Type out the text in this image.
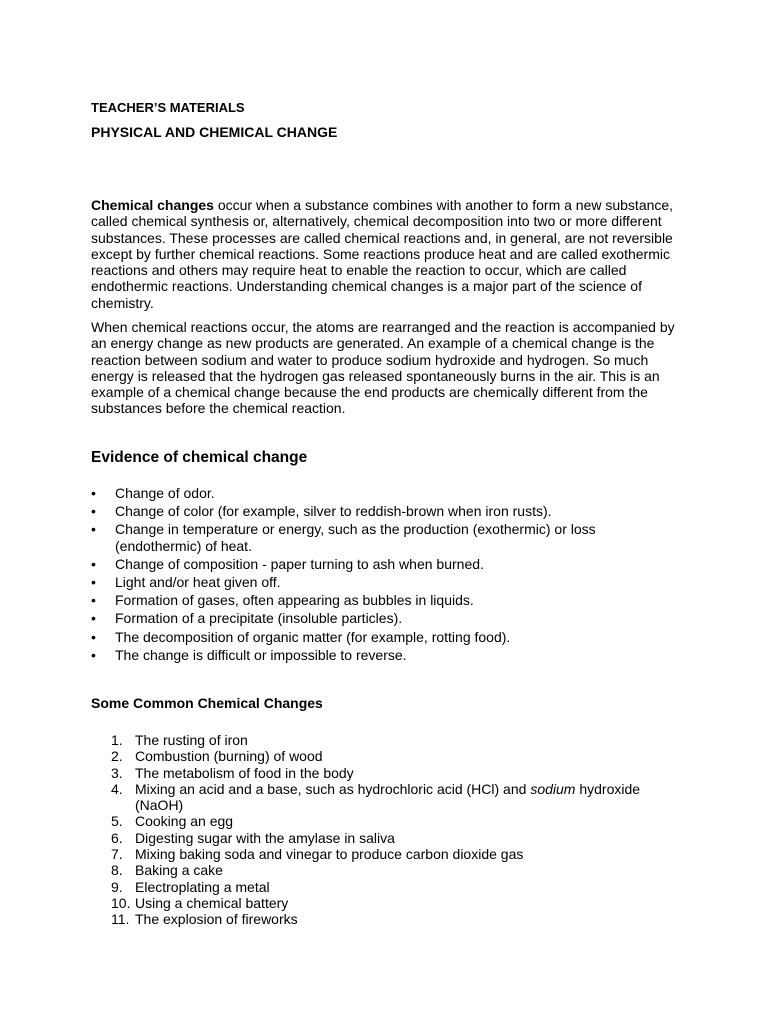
TEACHER’S MATERIALS

PHYSICAL AND CHEMICAL CHANGE

Chemical changes occur when a substance combines with another to form a new substance, called chemical synthesis or, alternatively, chemical decomposition into two or more different substances. These processes are called chemical reactions and, in general, are not reversible except by further chemical reactions. Some reactions produce heat and are called exothermic reactions and others may require heat to enable the reaction to occur, which are called endothermic reactions. Understanding chemical changes is a major part of the science of chemistry.

When chemical reactions occur, the atoms are rearranged and the reaction is accompanied by an energy change as new products are generated. An example of a chemical change is the reaction between sodium and water to produce sodium hydroxide and hydrogen. So much energy is released that the hydrogen gas released spontaneously burns in the air. This is an example of a chemical change because the end products are chemically different from the substances before the chemical reaction.

Evidence of chemical change
• Change of odor.
• Change of color (for example, silver to reddish-brown when iron rusts).
• Change in temperature or energy, such as the production (exothermic) or loss (endothermic) of heat.
• Change of composition - paper turning to ash when burned.
• Light and/or heat given off.
• Formation of gases, often appearing as bubbles in liquids.
• Formation of a precipitate (insoluble particles).
• The decomposition of organic matter (for example, rotting food).
• The change is difficult or impossible to reverse.
Some Common Chemical Changes
1. The rusting of iron
2. Combustion (burning) of wood
3. The metabolism of food in the body
4. Mixing an acid and a base, such as hydrochloric acid (HCl) and sodium hydroxide (NaOH)
5. Cooking an egg
6. Digesting sugar with the amylase in saliva
7. Mixing baking soda and vinegar to produce carbon dioxide gas
8. Baking a cake
9. Electroplating a metal
10. Using a chemical battery
11. The explosion of fireworks
